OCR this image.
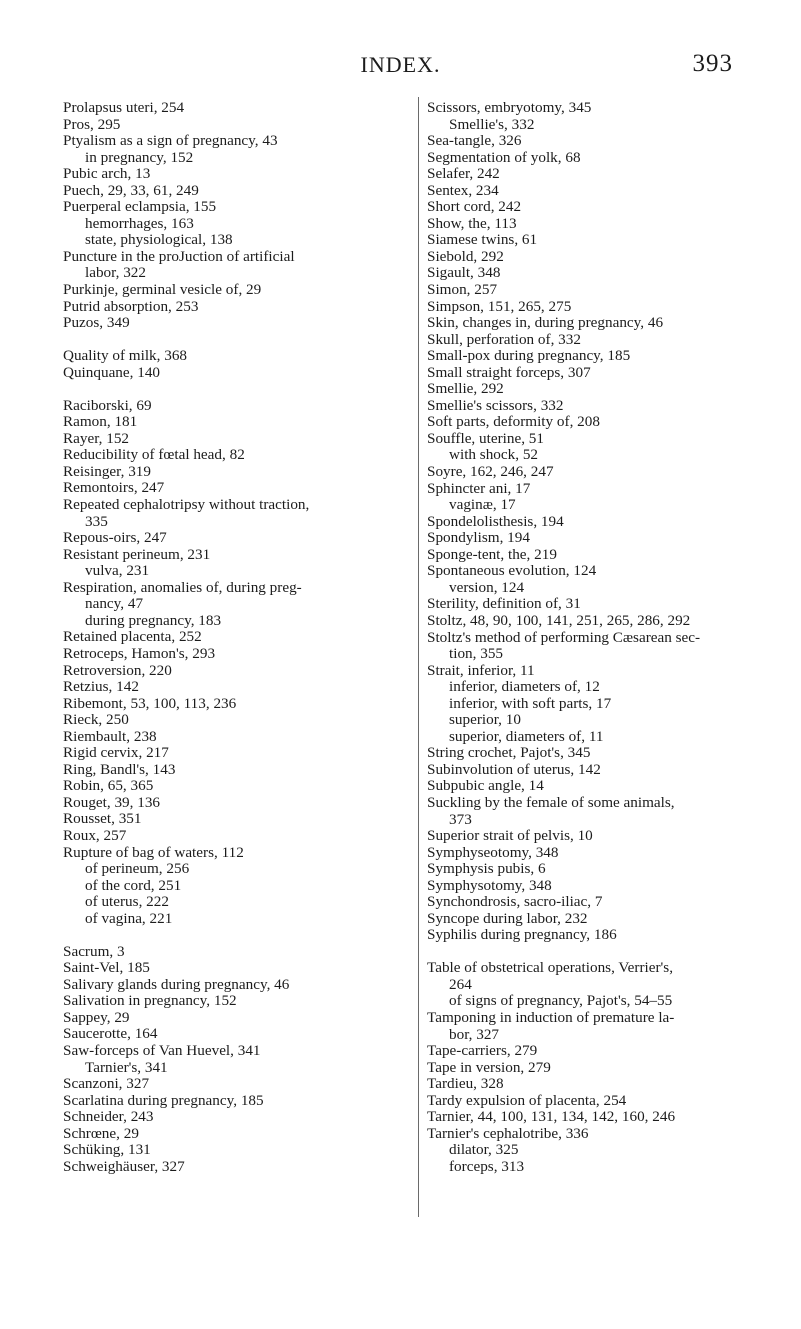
INDEX.	393
Prolapsus uteri, 254
Pros, 295
Ptyalism as a sign of pregnancy, 43
in pregnancy, 152
Pubic arch, 13
Puech, 29, 33, 61, 249
Puerperal eclampsia, 155
hemorrhages, 163
state, physiological, 138
Puncture in the proJuction of artificial
labor, 322
Purkinje, germinal vesicle of, 29
Putrid absorption, 253
Puzos, 349
Quality of milk, 368
Quinquane, 140
Raciborski, 69
Ramon, 181
Rayer, 152
Reducibility of fœtal head, 82
Reisinger, 319
Remontoirs, 247
Repeated cephalotripsy without traction,
335
Repous-oirs, 247
Resistant perineum, 231
vulva, 231
Respiration, anomalies of, during preg-
nancy, 47
during pregnancy, 183
Retained placenta, 252
Retroceps, Hamon's, 293
Retroversion, 220
Retzius, 142
Ribemont, 53, 100, 113, 236
Rieck, 250
Riembault, 238
Rigid cervix, 217
Ring, Bandl's, 143
Robin, 65, 365
Rouget, 39, 136
Rousset, 351
Roux, 257
Rupture of bag of waters, 112
of perineum, 256
of the cord, 251
of uterus, 222
of vagina, 221
Sacrum, 3
Saint-Vel, 185
Salivary glands during pregnancy, 46
Salivation in pregnancy, 152
Sappey, 29
Saucerotte, 164
Saw-forceps of Van Huevel, 341
Tarnier's, 341
Scanzoni, 327
Scarlatina during pregnancy, 185
Schneider, 243
Schrœne, 29
Schüking, 131
Schweighäuser, 327
Scissors, embryotomy, 345
Smellie's, 332
Sea-tangle, 326
Segmentation of yolk, 68
Selafer, 242
Sentex, 234
Short cord, 242
Show, the, 113
Siamese twins, 61
Siebold, 292
Sigault, 348
Simon, 257
Simpson, 151, 265, 275
Skin, changes in, during pregnancy, 46
Skull, perforation of, 332
Small-pox during pregnancy, 185
Small straight forceps, 307
Smellie, 292
Smellie's scissors, 332
Soft parts, deformity of, 208
Souffle, uterine, 51
with shock, 52
Soyre, 162, 246, 247
Sphincter ani, 17
vaginæ, 17
Spondelolisthesis, 194
Spondylism, 194
Sponge-tent, the, 219
Spontaneous evolution, 124
version, 124
Sterility, definition of, 31
Stoltz, 48, 90, 100, 141, 251, 265, 286, 292
Stoltz's method of performing Cæsarean sec-
tion, 355
Strait, inferior, 11
inferior, diameters of, 12
inferior, with soft parts, 17
superior, 10
superior, diameters of, 11
String crochet, Pajot's, 345
Subinvolution of uterus, 142
Subpubic angle, 14
Suckling by the female of some animals,
373
Superior strait of pelvis, 10
Symphyseotomy, 348
Symphysis pubis, 6
Symphysotomy, 348
Synchondrosis, sacro-iliac, 7
Syncope during labor, 232
Syphilis during pregnancy, 186
Table of obstetrical operations, Verrier's,
264
of signs of pregnancy, Pajot's, 54–55
Tamponing in induction of premature la-
bor, 327
Tape-carriers, 279
Tape in version, 279
Tardieu, 328
Tardy expulsion of placenta, 254
Tarnier, 44, 100, 131, 134, 142, 160, 246
Tarnier's cephalotribe, 336
dilator, 325
forceps, 313
